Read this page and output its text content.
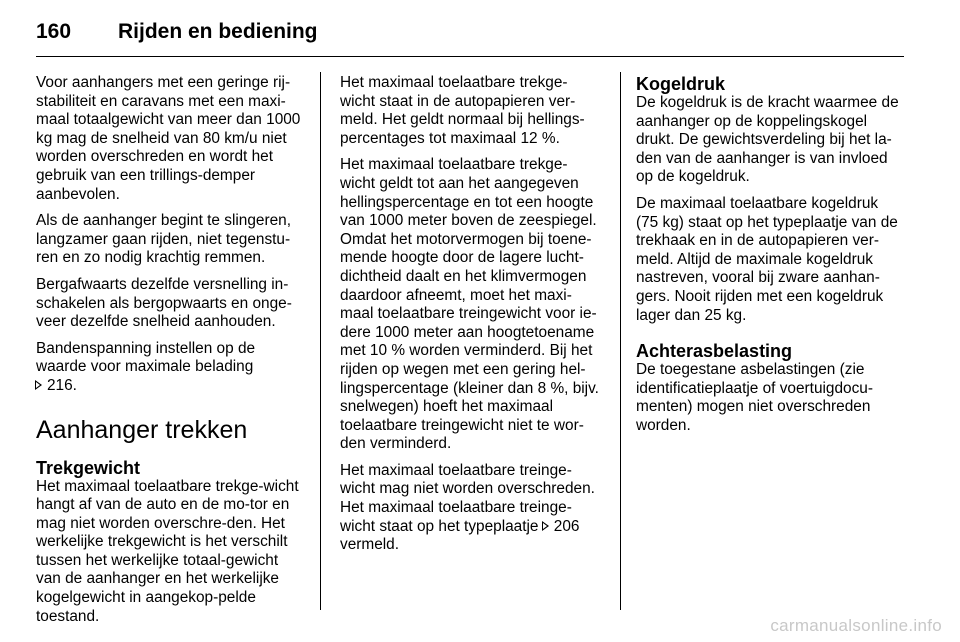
160	Rijden en bediening

Voor aanhangers met een geringe rij-stabiliteit en caravans met een maxi-maal totaalgewicht van meer dan 1000 kg mag de snelheid van 80 km/u niet worden overschreden en wordt het gebruik van een trillings-demper aanbevolen.

Als de aanhanger begint te slingeren, langzamer gaan rijden, niet tegenstu-ren en zo nodig krachtig remmen.

Bergafwaarts dezelfde versnelling in-schakelen als bergopwaarts en onge-veer dezelfde snelheid aanhouden.

Bandenspanning instellen op de waarde voor maximale belading
216.

Aanhanger trekken
Trekgewicht

Het maximaal toelaatbare trekge-wicht hangt af van de auto en de mo-tor en mag niet worden overschre-den. Het werkelijke trekgewicht is het verschilt tussen het werkelijke totaal-gewicht van de aanhanger en het werkelijke kogelgewicht in aangekop-pelde toestand.

Het maximaal toelaatbare trekge-wicht staat in de autopapieren ver-meld. Het geldt normaal bij hellings-percentages tot maximaal 12 %.

Het maximaal toelaatbare trekge-wicht geldt tot aan het aangegeven hellingspercentage en tot een hoogte van 1000 meter boven de zeespiegel. Omdat het motorvermogen bij toene-mende hoogte door de lagere lucht-dichtheid daalt en het klimvermogen daardoor afneemt, moet het maxi-maal toelaatbare treingewicht voor ie-dere 1000 meter aan hoogtetoename met 10 % worden verminderd. Bij het rijden op wegen met een gering hel-lingspercentage (kleiner dan 8 %, bijv. snelwegen) hoeft het maximaal toelaatbare treingewicht niet te wor-den verminderd.

Het maximaal toelaatbare treinge-wicht mag niet worden overschreden. Het maximaal toelaatbare treinge-wicht staat op het typeplaatje 206 vermeld.

Kogeldruk

De kogeldruk is de kracht waarmee de aanhanger op de koppelingskogel drukt. De gewichtsverdeling bij het la-den van de aanhanger is van invloed op de kogeldruk.

De maximaal toelaatbare kogeldruk (75 kg) staat op het typeplaatje van de trekhaak en in de autopapieren ver-meld. Altijd de maximale kogeldruk nastreven, vooral bij zware aanhan-gers. Nooit rijden met een kogeldruk lager dan 25 kg.

Achterasbelasting

De toegestane asbelastingen (zie identificatieplaatje of voertuigdocu-menten) mogen niet overschreden worden.

carmanualsonline.info
